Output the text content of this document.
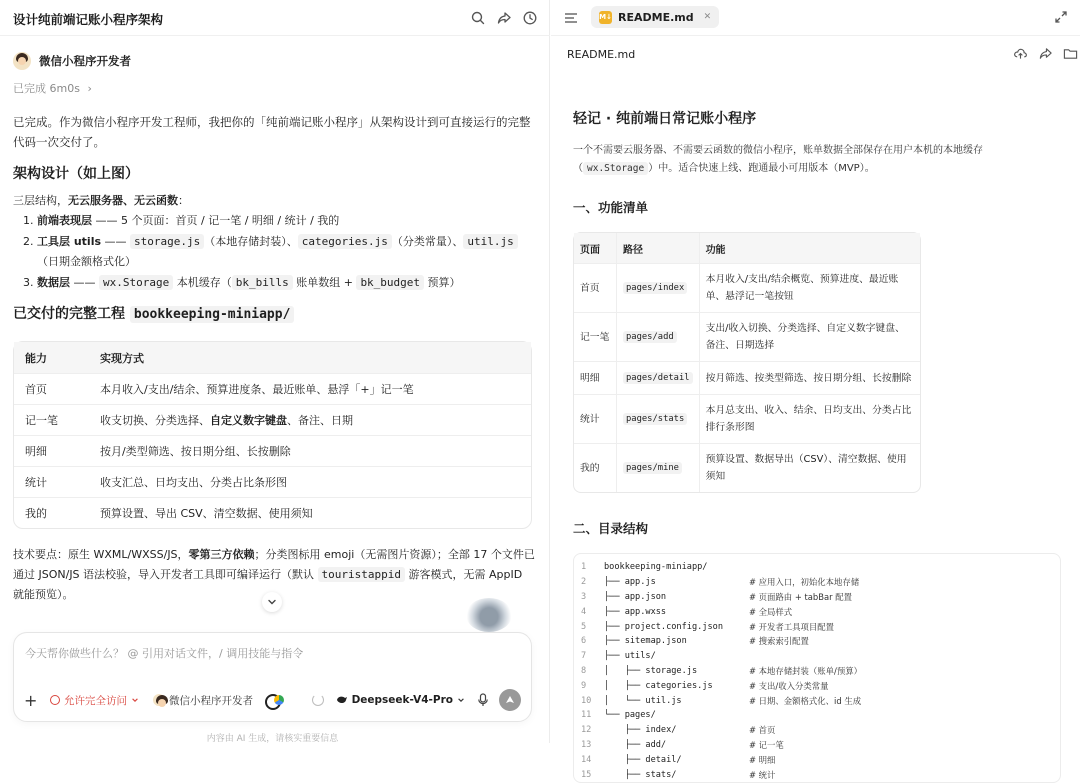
设计纯前端记账小程序架构
微信小程序开发者
已完成 6m0s ›
已完成。作为微信小程序开发工程师，我把你的「纯前端记账小程序」从架构设计到可直接运行的完整代码一次交付了。
架构设计（如上图）
三层结构，无云服务器、无云函数：
1. 前端表现层 —— 5 个页面：首页 / 记一笔 / 明细 / 统计 / 我的
2. 工具层 utils —— storage.js （本地存储封装）、 categories.js （分类常量）、 util.js（日期金额格式化）
3. 数据层 —— wx.Storage 本机缓存（ bk_bills 账单数组 + bk_budget 预算）
已交付的完整工程 bookkeeping-miniapp/
能力	实现方式
首页	本月收入/支出/结余、预算进度条、最近账单、悬浮「+」记一笔
记一笔	收支切换、分类选择、自定义数字键盘、备注、日期
明细	按月/类型筛选、按日期分组、长按删除
统计	收支汇总、日均支出、分类占比条形图
我的	预算设置、导出 CSV、清空数据、使用须知
技术要点：原生 WXML/WXSS/JS，零第三方依赖；分类图标用 emoji（无需图片资源）；全部 17 个文件已通过 JSON/JS 语法校验，导入开发者工具即可编译运行（默认 touristappid 游客模式，无需 AppID 就能预览）。
今天帮你做些什么？ @ 引用对话文件，/ 调用技能与指令
+	允许完全访问	微信小程序开发者	Deepseek-V4-Pro
内容由 AI 生成，请核实重要信息
M↓ README.md ✕
README.md
轻记 · 纯前端日常记账小程序
一个不需要云服务器、不需要云函数的微信小程序，账单数据全部保存在用户本机的本地缓存（ wx.Storage ）中。适合快速上线、跑通最小可用版本（MVP）。
一、功能清单
页面	路径	功能
首页	pages/index	本月收入/支出/结余概览、预算进度、最近账单、悬浮记一笔按钮
记一笔	pages/add	支出/收入切换、分类选择、自定义数字键盘、备注、日期选择
明细	pages/detail	按月筛选、按类型筛选、按日期分组、长按删除
统计	pages/stats	本月总支出、收入、结余、日均支出、分类占比排行条形图
我的	pages/mine	预算设置、数据导出（CSV）、清空数据、使用须知
二、目录结构
1	bookkeeping-miniapp/
2	├── app.js	# 应用入口，初始化本地存储
3	├── app.json	# 页面路由 + tabBar 配置
4	├── app.wxss	# 全局样式
5	├── project.config.json	# 开发者工具项目配置
6	├── sitemap.json	# 搜索索引配置
7	├── utils/
8	│   ├── storage.js	# 本地存储封装（账单/预算）
9	│   ├── categories.js	# 支出/收入分类常量
10	│   └── util.js	# 日期、金额格式化、id 生成
11	└── pages/
12	├── index/	# 首页
13	├── add/	# 记一笔
14	├── detail/	# 明细
15	├── stats/	# 统计
